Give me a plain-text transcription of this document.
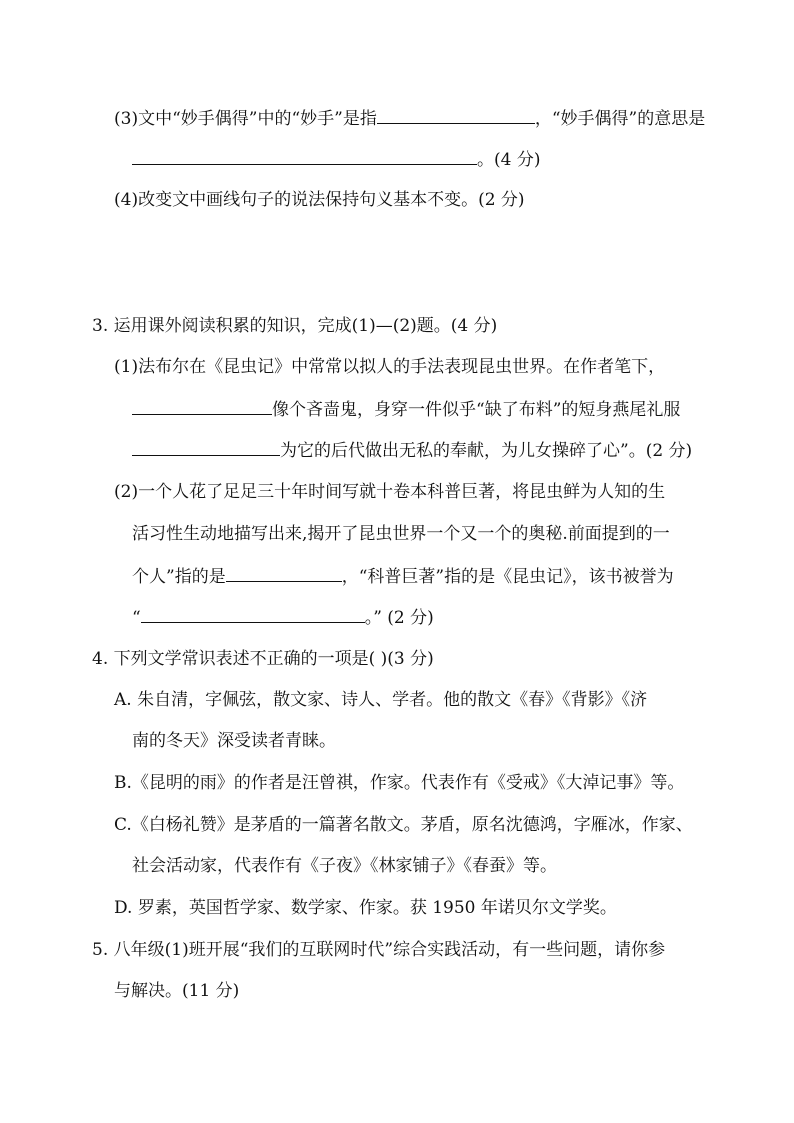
(3)文中“妙手偶得”中的“妙手”是指	，“妙手偶得”的意思是
。(4 分)
(4)改变文中画线句子的说法保持句义基本不变。(2 分)
3. 运用课外阅读积累的知识，完成(1)—(2)题。(4 分)
(1)法布尔在《昆虫记》中常常以拟人的手法表现昆虫世界。在作者笔下，
像个吝啬鬼，身穿一件似乎“缺了布料”的短身燕尾礼服
为它的后代做出无私的奉献，为儿女操碎了心”。(2 分)
(2)一个人花了足足三十年时间写就十卷本科普巨著，将昆虫鲜为人知的生
活习性生动地描写出来,揭开了昆虫世界一个又一个的奥秘.前面提到的一
个人”指的是	，“科普巨著”指的是《昆虫记》，该书被誉为
“	。” (2 分)
4. 下列文学常识表述不正确的一项是( )(3 分)
A. 朱自清，字佩弦，散文家、诗人、学者。他的散文《春》《背影》《济
南的冬天》深受读者青睐。
B.《昆明的雨》的作者是汪曾祺，作家。代表作有《受戒》《大淖记事》等。
C.《白杨礼赞》是茅盾的一篇著名散文。茅盾，原名沈德鸿，字雁冰，作家、
社会活动家，代表作有《子夜》《林家铺子》《春蚕》等。
D. 罗素，英国哲学家、数学家、作家。获 1950 年诺贝尔文学奖。
5. 八年级(1)班开展“我们的互联网时代”综合实践活动，有一些问题，请你参
与解决。(11 分)
